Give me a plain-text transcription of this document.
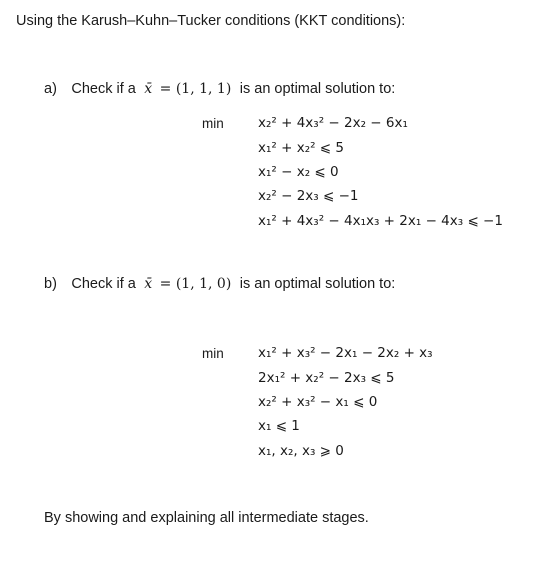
Using the Karush–Kuhn–Tucker conditions (KKT conditions):
a) Check if a x̄ = (1, 1, 1) is an optimal solution to:
min	x₂² + 4x₃² − 2x₂ − 6x₁
x₁² + x₂² ⩽ 5
x₁² − x₂ ⩽ 0
x₂² − 2x₃ ⩽ −1
x₁² + 4x₃² − 4x₁x₃ + 2x₁ − 4x₃ ⩽ −1
b) Check if a x̄ = (1, 1, 0) is an optimal solution to:
min	x₁² + x₃² − 2x₁ − 2x₂ + x₃
2x₁² + x₂² − 2x₃ ⩽ 5
x₂² + x₃² − x₁ ⩽ 0
x₁ ⩽ 1
x₁, x₂, x₃ ⩾ 0
By showing and explaining all intermediate stages.
